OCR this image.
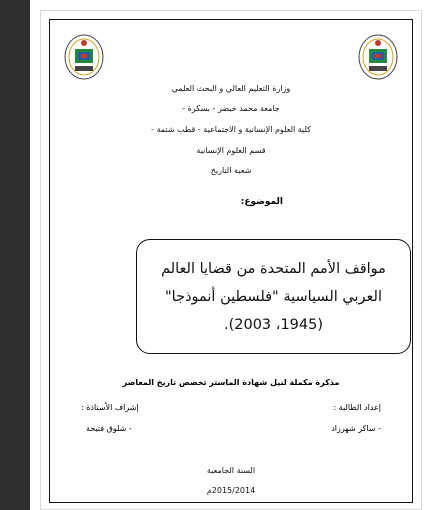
وزارة التعليم العالي و البحث العلمي
جامعة محمد خيضر - بسكرة -
كلية العلوم الإنسانية و الاجتماعية - قطب شتمة -
قسم العلوم الإنسانية
شعبة التاريخ
الموضوع:
مواقف الأمم المتحدة من قضايا العالم
العربي السياسية "فلسطين أنموذجا"
(1945، 2003).
مذكرة مكملة لنيل شهادة الماستر تخصص تاريخ المعاصر
إعداد الطالبة :
- ساكر شهرزاد
إشراف الأستاذة :
- شلوق فتيحة
السنة الجامعية
2015/2014م
